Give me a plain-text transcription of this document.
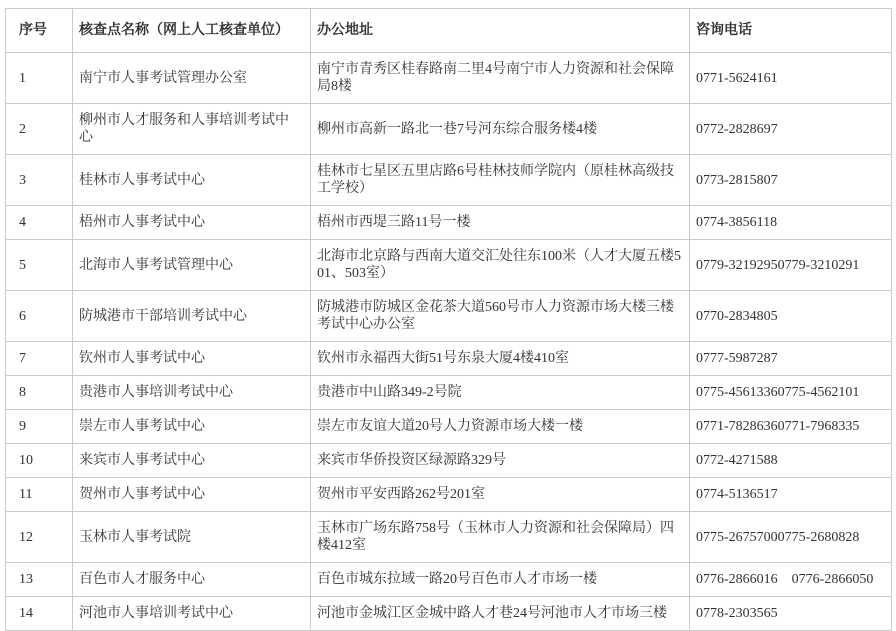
序号	核查点名称（网上人工核查单位）	办公地址	咨询电话
1	南宁市人事考试管理办公室	南宁市青秀区桂春路南二里4号南宁市人力资源和社会保障局8楼	0771-5624161
2	柳州市人才服务和人事培训考试中心	柳州市高新一路北一巷7号河东综合服务楼4楼	0772-2828697
3	桂林市人事考试中心	桂林市七星区五里店路6号桂林技师学院内（原桂林高级技工学校）	0773-2815807
4	梧州市人事考试中心	梧州市西堤三路11号一楼	0774-3856118
5	北海市人事考试管理中心	北海市北京路与西南大道交汇处往东100米（人才大厦五楼501、503室）	0779-32192950779-3210291
6	防城港市干部培训考试中心	防城港市防城区金花茶大道560号市人力资源市场大楼三楼考试中心办公室	0770-2834805
7	钦州市人事考试中心	钦州市永福西大街51号东泉大厦4楼410室	0777-5987287
8	贵港市人事培训考试中心	贵港市中山路349-2号院	0775-45613360775-4562101
9	崇左市人事考试中心	崇左市友谊大道20号人力资源市场大楼一楼	0771-78286360771-7968335
10	来宾市人事考试中心	来宾市华侨投资区绿源路329号	0772-4271588
11	贺州市人事考试中心	贺州市平安西路262号201室	0774-5136517
12	玉林市人事考试院	玉林市广场东路758号（玉林市人力资源和社会保障局）四楼412室	0775-26757000775-2680828
13	百色市人才服务中心	百色市城东拉域一路20号百色市人才市场一楼	0776-2866016　0776-2866050
14	河池市人事培训考试中心	河池市金城江区金城中路人才巷24号河池市人才市场三楼	0778-2303565
